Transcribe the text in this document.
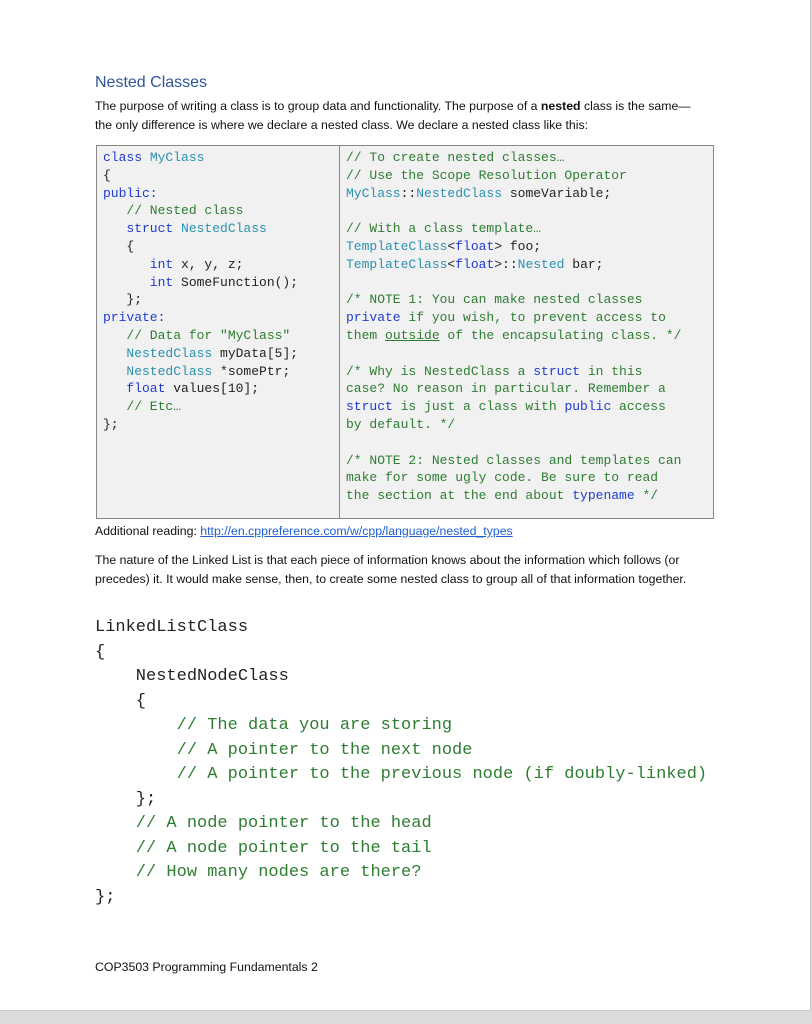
Nested Classes
The purpose of writing a class is to group data and functionality. The purpose of a nested class is the same—the only difference is where we declare a nested class. We declare a nested class like this:
class MyClass
{
public:
// Nested class
struct NestedClass
{
int x, y, z;
int SomeFunction();
};
private:
// Data for "MyClass"
NestedClass myData[5];
NestedClass *somePtr;
float values[10];
// Etc…
};
// To create nested classes…
// Use the Scope Resolution Operator
MyClass::NestedClass someVariable;

// With a class template…
TemplateClass<float> foo;
TemplateClass<float>::Nested bar;

/* NOTE 1: You can make nested classes
private if you wish, to prevent access to
them outside of the encapsulating class. */

/* Why is NestedClass a struct in this
case? No reason in particular. Remember a
struct is just a class with public access
by default. */

/* NOTE 2: Nested classes and templates can
make for some ugly code. Be sure to read
the section at the end about typename */
Additional reading: http://en.cppreference.com/w/cpp/language/nested_types
The nature of the Linked List is that each piece of information knows about the information which follows (or precedes) it. It would make sense, then, to create some nested class to group all of that information together.
LinkedListClass
{
NestedNodeClass
{
// The data you are storing
// A pointer to the next node
// A pointer to the previous node (if doubly-linked)
};
// A node pointer to the head
// A node pointer to the tail
// How many nodes are there?
};
COP3503 Programming Fundamentals 2
